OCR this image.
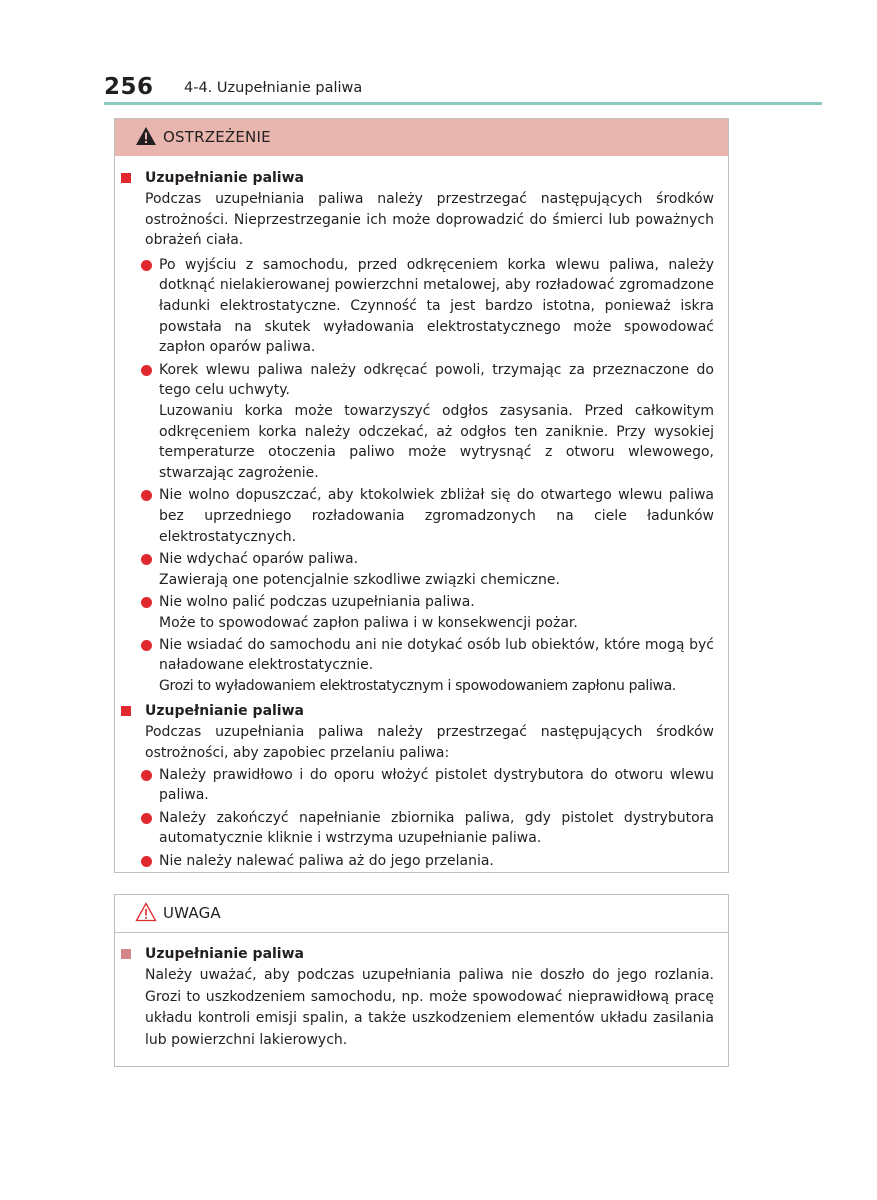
256 4-4. Uzupełnianie paliwa
OSTRZEŻENIE
Uzupełnianie paliwa
Podczas uzupełniania paliwa należy przestrzegać następujących środków ostrożności. Nieprzestrzeganie ich może doprowadzić do śmierci lub poważnych obrażeń ciała.
Po wyjściu z samochodu, przed odkręceniem korka wlewu paliwa, należy dotknąć nielakierowanej powierzchni metalowej, aby rozładować zgromadzone ładunki elektrostatyczne. Czynność ta jest bardzo istotna, ponieważ iskra powstała na skutek wyładowania elektrostatycznego może spowodować zapłon oparów paliwa.
Korek wlewu paliwa należy odkręcać powoli, trzymając za przeznaczone do tego celu uchwyty.
Luzowaniu korka może towarzyszyć odgłos zasysania. Przed całkowitym odkręceniem korka należy odczekać, aż odgłos ten zaniknie. Przy wysokiej temperaturze otoczenia paliwo może wytrysnąć z otworu wlewowego, stwarzając zagrożenie.
Nie wolno dopuszczać, aby ktokolwiek zbliżał się do otwartego wlewu paliwa bez uprzedniego rozładowania zgromadzonych na ciele ładunków elektrostatycznych.
Nie wdychać oparów paliwa.
Zawierają one potencjalnie szkodliwe związki chemiczne.
Nie wolno palić podczas uzupełniania paliwa.
Może to spowodować zapłon paliwa i w konsekwencji pożar.
Nie wsiadać do samochodu ani nie dotykać osób lub obiektów, które mogą być naładowane elektrostatycznie.
Grozi to wyładowaniem elektrostatycznym i spowodowaniem zapłonu paliwa.
Uzupełnianie paliwa
Podczas uzupełniania paliwa należy przestrzegać następujących środków ostrożności, aby zapobiec przelaniu paliwa:
Należy prawidłowo i do oporu włożyć pistolet dystrybutora do otworu wlewu paliwa.
Należy zakończyć napełnianie zbiornika paliwa, gdy pistolet dystrybutora automatycznie kliknie i wstrzyma uzupełnianie paliwa.
Nie należy nalewać paliwa aż do jego przelania.
UWAGA
Uzupełnianie paliwa
Należy uważać, aby podczas uzupełniania paliwa nie doszło do jego rozlania. Grozi to uszkodzeniem samochodu, np. może spowodować nieprawidłową pracę układu kontroli emisji spalin, a także uszkodzeniem elementów układu zasilania lub powierzchni lakierowych.
